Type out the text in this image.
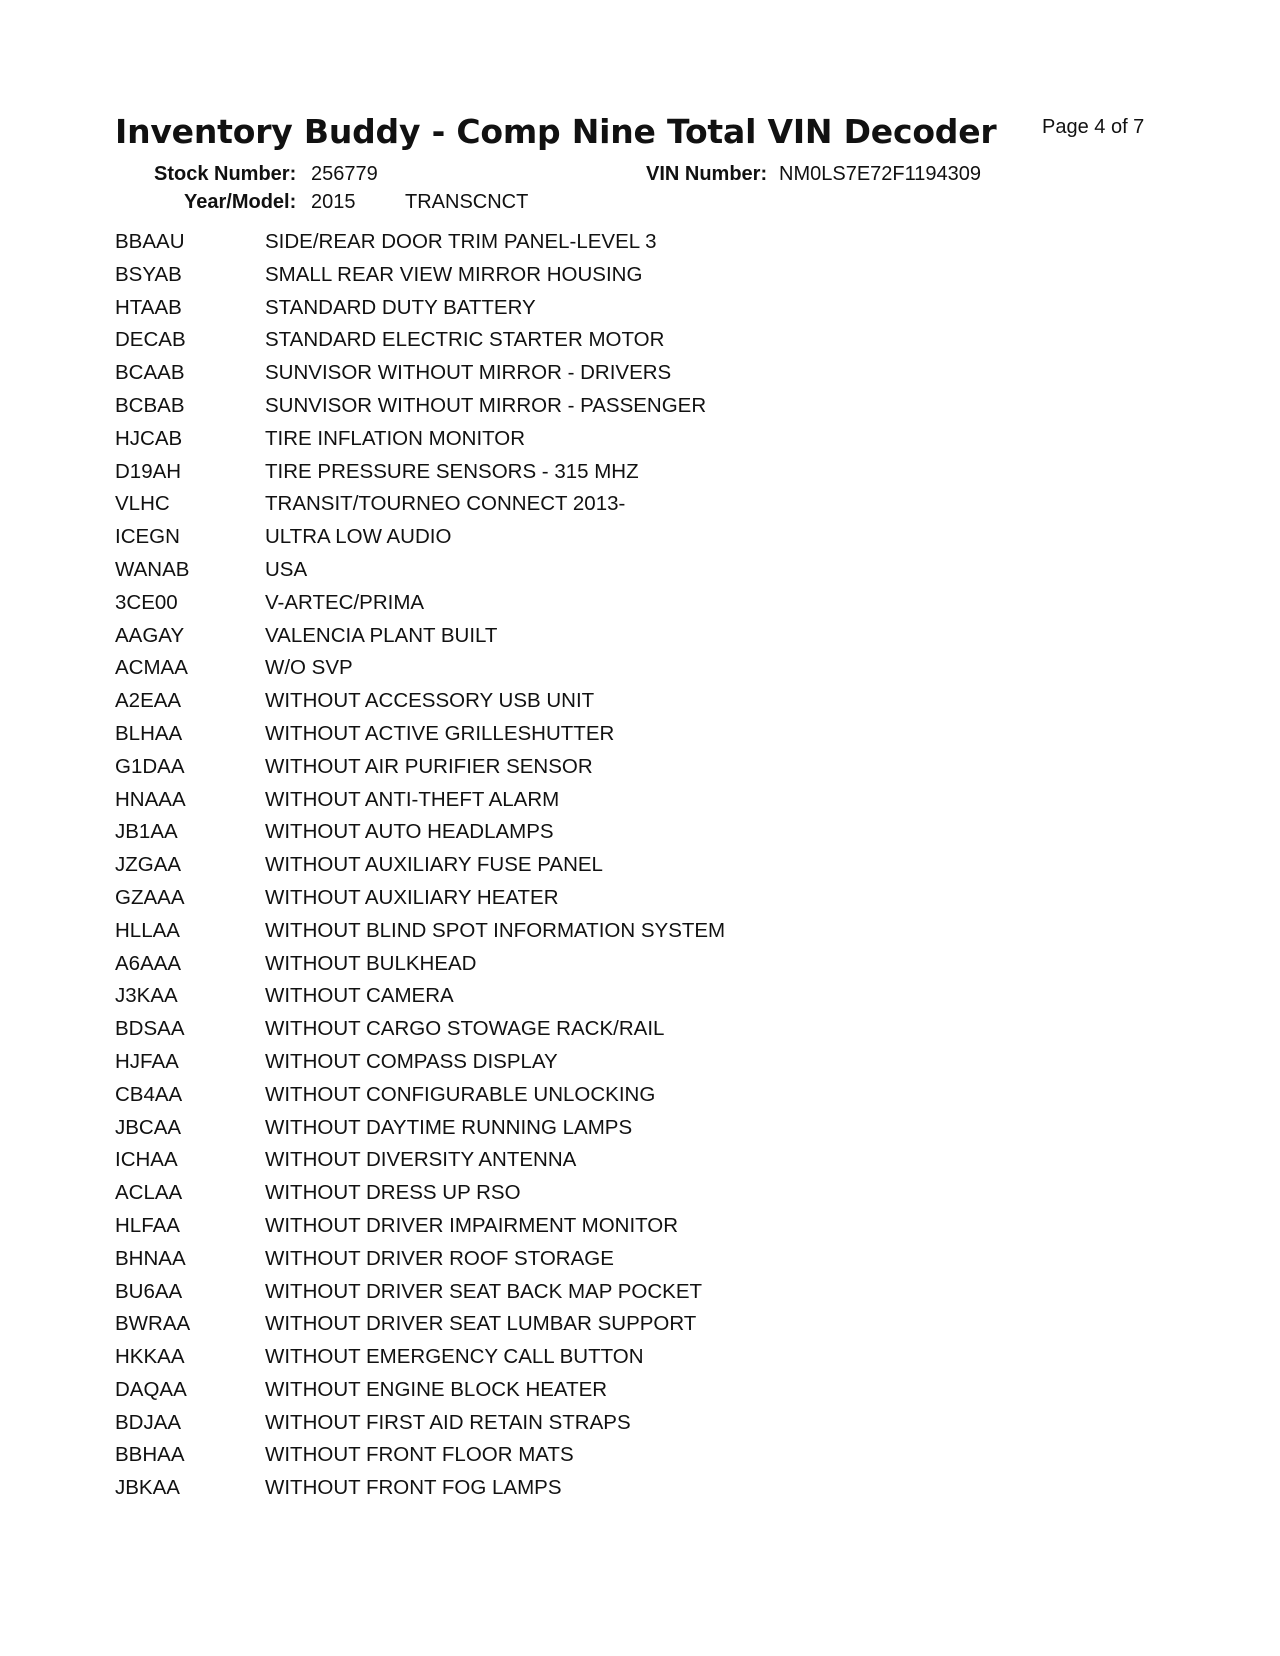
Inventory Buddy - Comp Nine Total VIN Decoder Page 4 of 7
Stock Number: 256779	VIN Number: NM0LS7E72F1194309
Year/Model: 2015 TRANSCNCT
BBAAU	SIDE/REAR DOOR TRIM PANEL-LEVEL 3
BSYAB	SMALL REAR VIEW MIRROR HOUSING
HTAAB	STANDARD DUTY BATTERY
DECAB	STANDARD ELECTRIC STARTER MOTOR
BCAAB	SUNVISOR WITHOUT MIRROR - DRIVERS
BCBAB	SUNVISOR WITHOUT MIRROR - PASSENGER
HJCAB	TIRE INFLATION MONITOR
D19AH	TIRE PRESSURE SENSORS - 315 MHZ
VLHC	TRANSIT/TOURNEO CONNECT 2013-
ICEGN	ULTRA LOW AUDIO
WANAB	USA
3CE00	V-ARTEC/PRIMA
AAGAY	VALENCIA PLANT BUILT
ACMAA	W/O SVP
A2EAA	WITHOUT ACCESSORY USB UNIT
BLHAA	WITHOUT ACTIVE GRILLESHUTTER
G1DAA	WITHOUT AIR PURIFIER SENSOR
HNAAA	WITHOUT ANTI-THEFT ALARM
JB1AA	WITHOUT AUTO HEADLAMPS
JZGAA	WITHOUT AUXILIARY FUSE PANEL
GZAAA	WITHOUT AUXILIARY HEATER
HLLAA	WITHOUT BLIND SPOT INFORMATION SYSTEM
A6AAA	WITHOUT BULKHEAD
J3KAA	WITHOUT CAMERA
BDSAA	WITHOUT CARGO STOWAGE RACK/RAIL
HJFAA	WITHOUT COMPASS DISPLAY
CB4AA	WITHOUT CONFIGURABLE UNLOCKING
JBCAA	WITHOUT DAYTIME RUNNING LAMPS
ICHAA	WITHOUT DIVERSITY ANTENNA
ACLAA	WITHOUT DRESS UP RSO
HLFAA	WITHOUT DRIVER IMPAIRMENT MONITOR
BHNAA	WITHOUT DRIVER ROOF STORAGE
BU6AA	WITHOUT DRIVER SEAT BACK MAP POCKET
BWRAA	WITHOUT DRIVER SEAT LUMBAR SUPPORT
HKKAA	WITHOUT EMERGENCY CALL BUTTON
DAQAA	WITHOUT ENGINE BLOCK HEATER
BDJAA	WITHOUT FIRST AID RETAIN STRAPS
BBHAA	WITHOUT FRONT FLOOR MATS
JBKAA	WITHOUT FRONT FOG LAMPS
